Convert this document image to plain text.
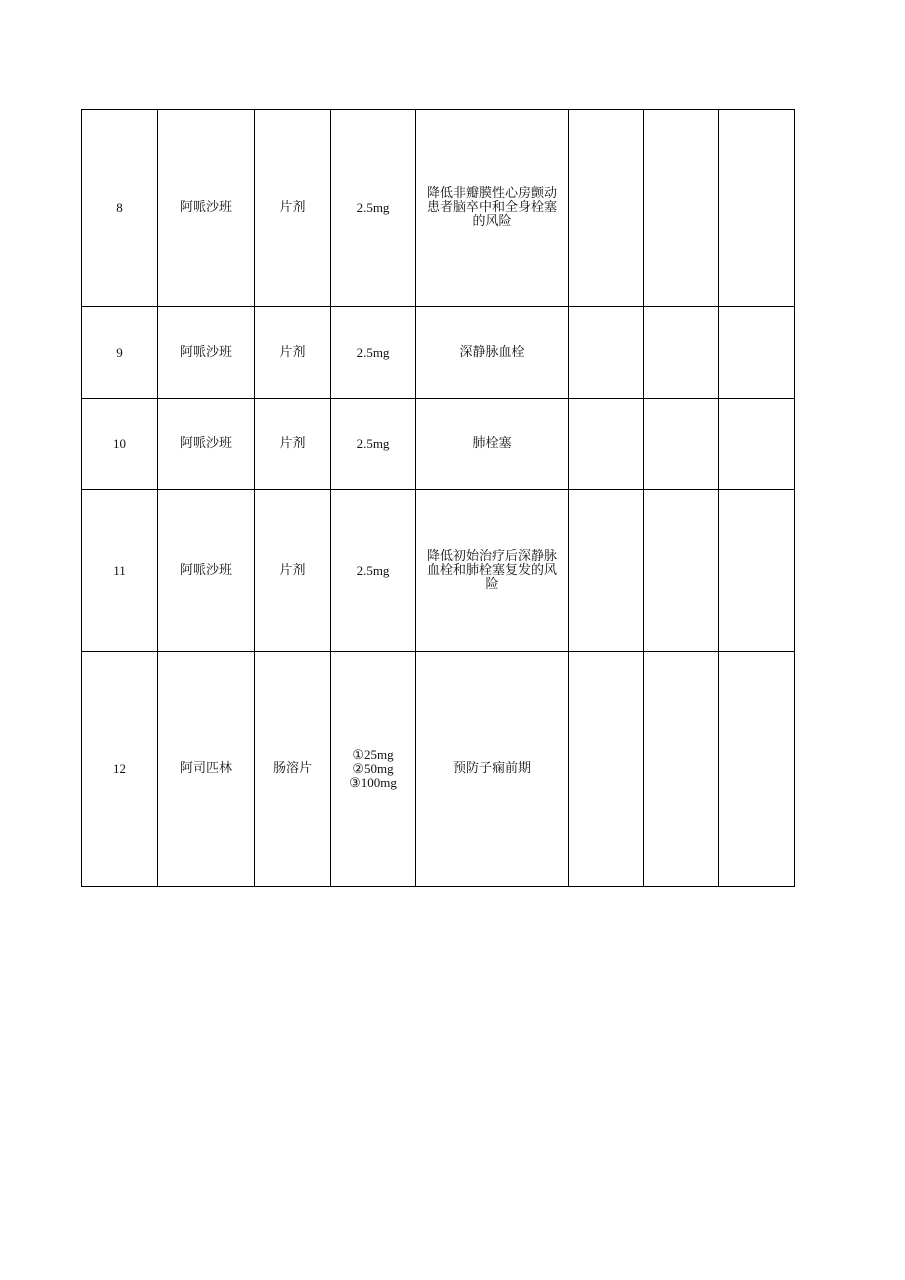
8	阿哌沙班	片剂	2.5mg	降低非瓣膜性心房颤动患者脑卒中和全身栓塞的风险			
9	阿哌沙班	片剂	2.5mg	深静脉血栓			
10	阿哌沙班	片剂	2.5mg	肺栓塞			
11	阿哌沙班	片剂	2.5mg	降低初始治疗后深静脉血栓和肺栓塞复发的风险			
12	阿司匹林	肠溶片	①25mg
②50mg
③100mg	预防子痫前期			
